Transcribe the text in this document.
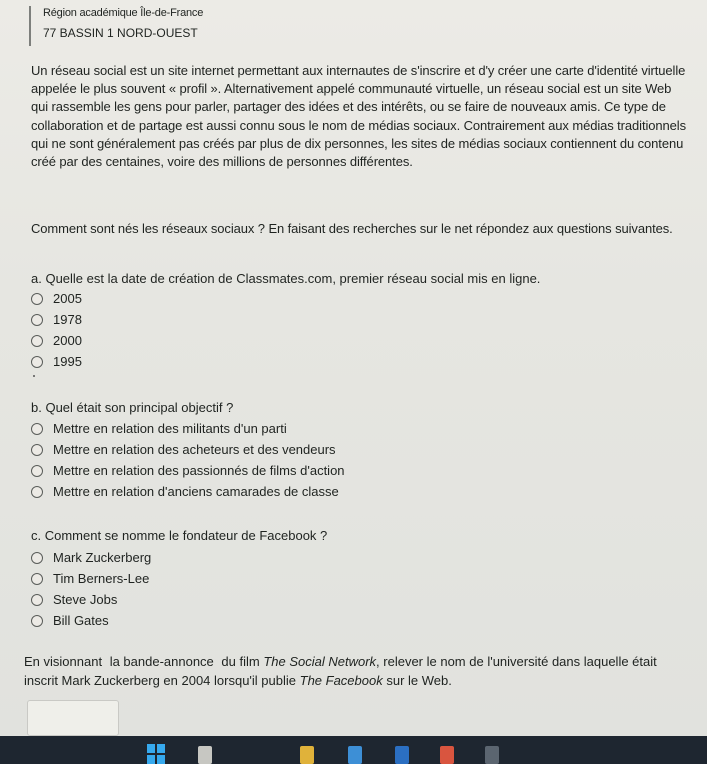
Région académique Île-de-France
77 BASSIN 1 NORD-OUEST
Un réseau social est un site internet permettant aux internautes de s'inscrire et d'y créer une carte d'identité virtuelle appelée le plus souvent « profil ». Alternativement appelé communauté virtuelle, un réseau social est un site Web qui rassemble les gens pour parler, partager des idées et des intérêts, ou se faire de nouveaux amis. Ce type de collaboration et de partage est aussi connu sous le nom de médias sociaux. Contrairement aux médias traditionnels qui ne sont généralement pas créés par plus de dix personnes, les sites de médias sociaux contiennent du contenu créé par des centaines, voire des millions de personnes différentes.
Comment sont nés les réseaux sociaux ? En faisant des recherches sur le net répondez aux questions suivantes.
a. Quelle est la date de création de Classmates.com, premier réseau social mis en ligne.
2005
1978
2000
1995
b. Quel était son principal objectif ?
Mettre en relation des militants d'un parti
Mettre en relation des acheteurs et des vendeurs
Mettre en relation des passionnés de films d'action
Mettre en relation d'anciens camarades de classe
c. Comment se nomme le fondateur de Facebook ?
Mark Zuckerberg
Tim Berners-Lee
Steve Jobs
Bill Gates
En visionnant la bande-annonce du film The Social Network, relever le nom de l'université dans laquelle était inscrit Mark Zuckerberg en 2004 lorsqu'il publie The Facebook sur le Web.
